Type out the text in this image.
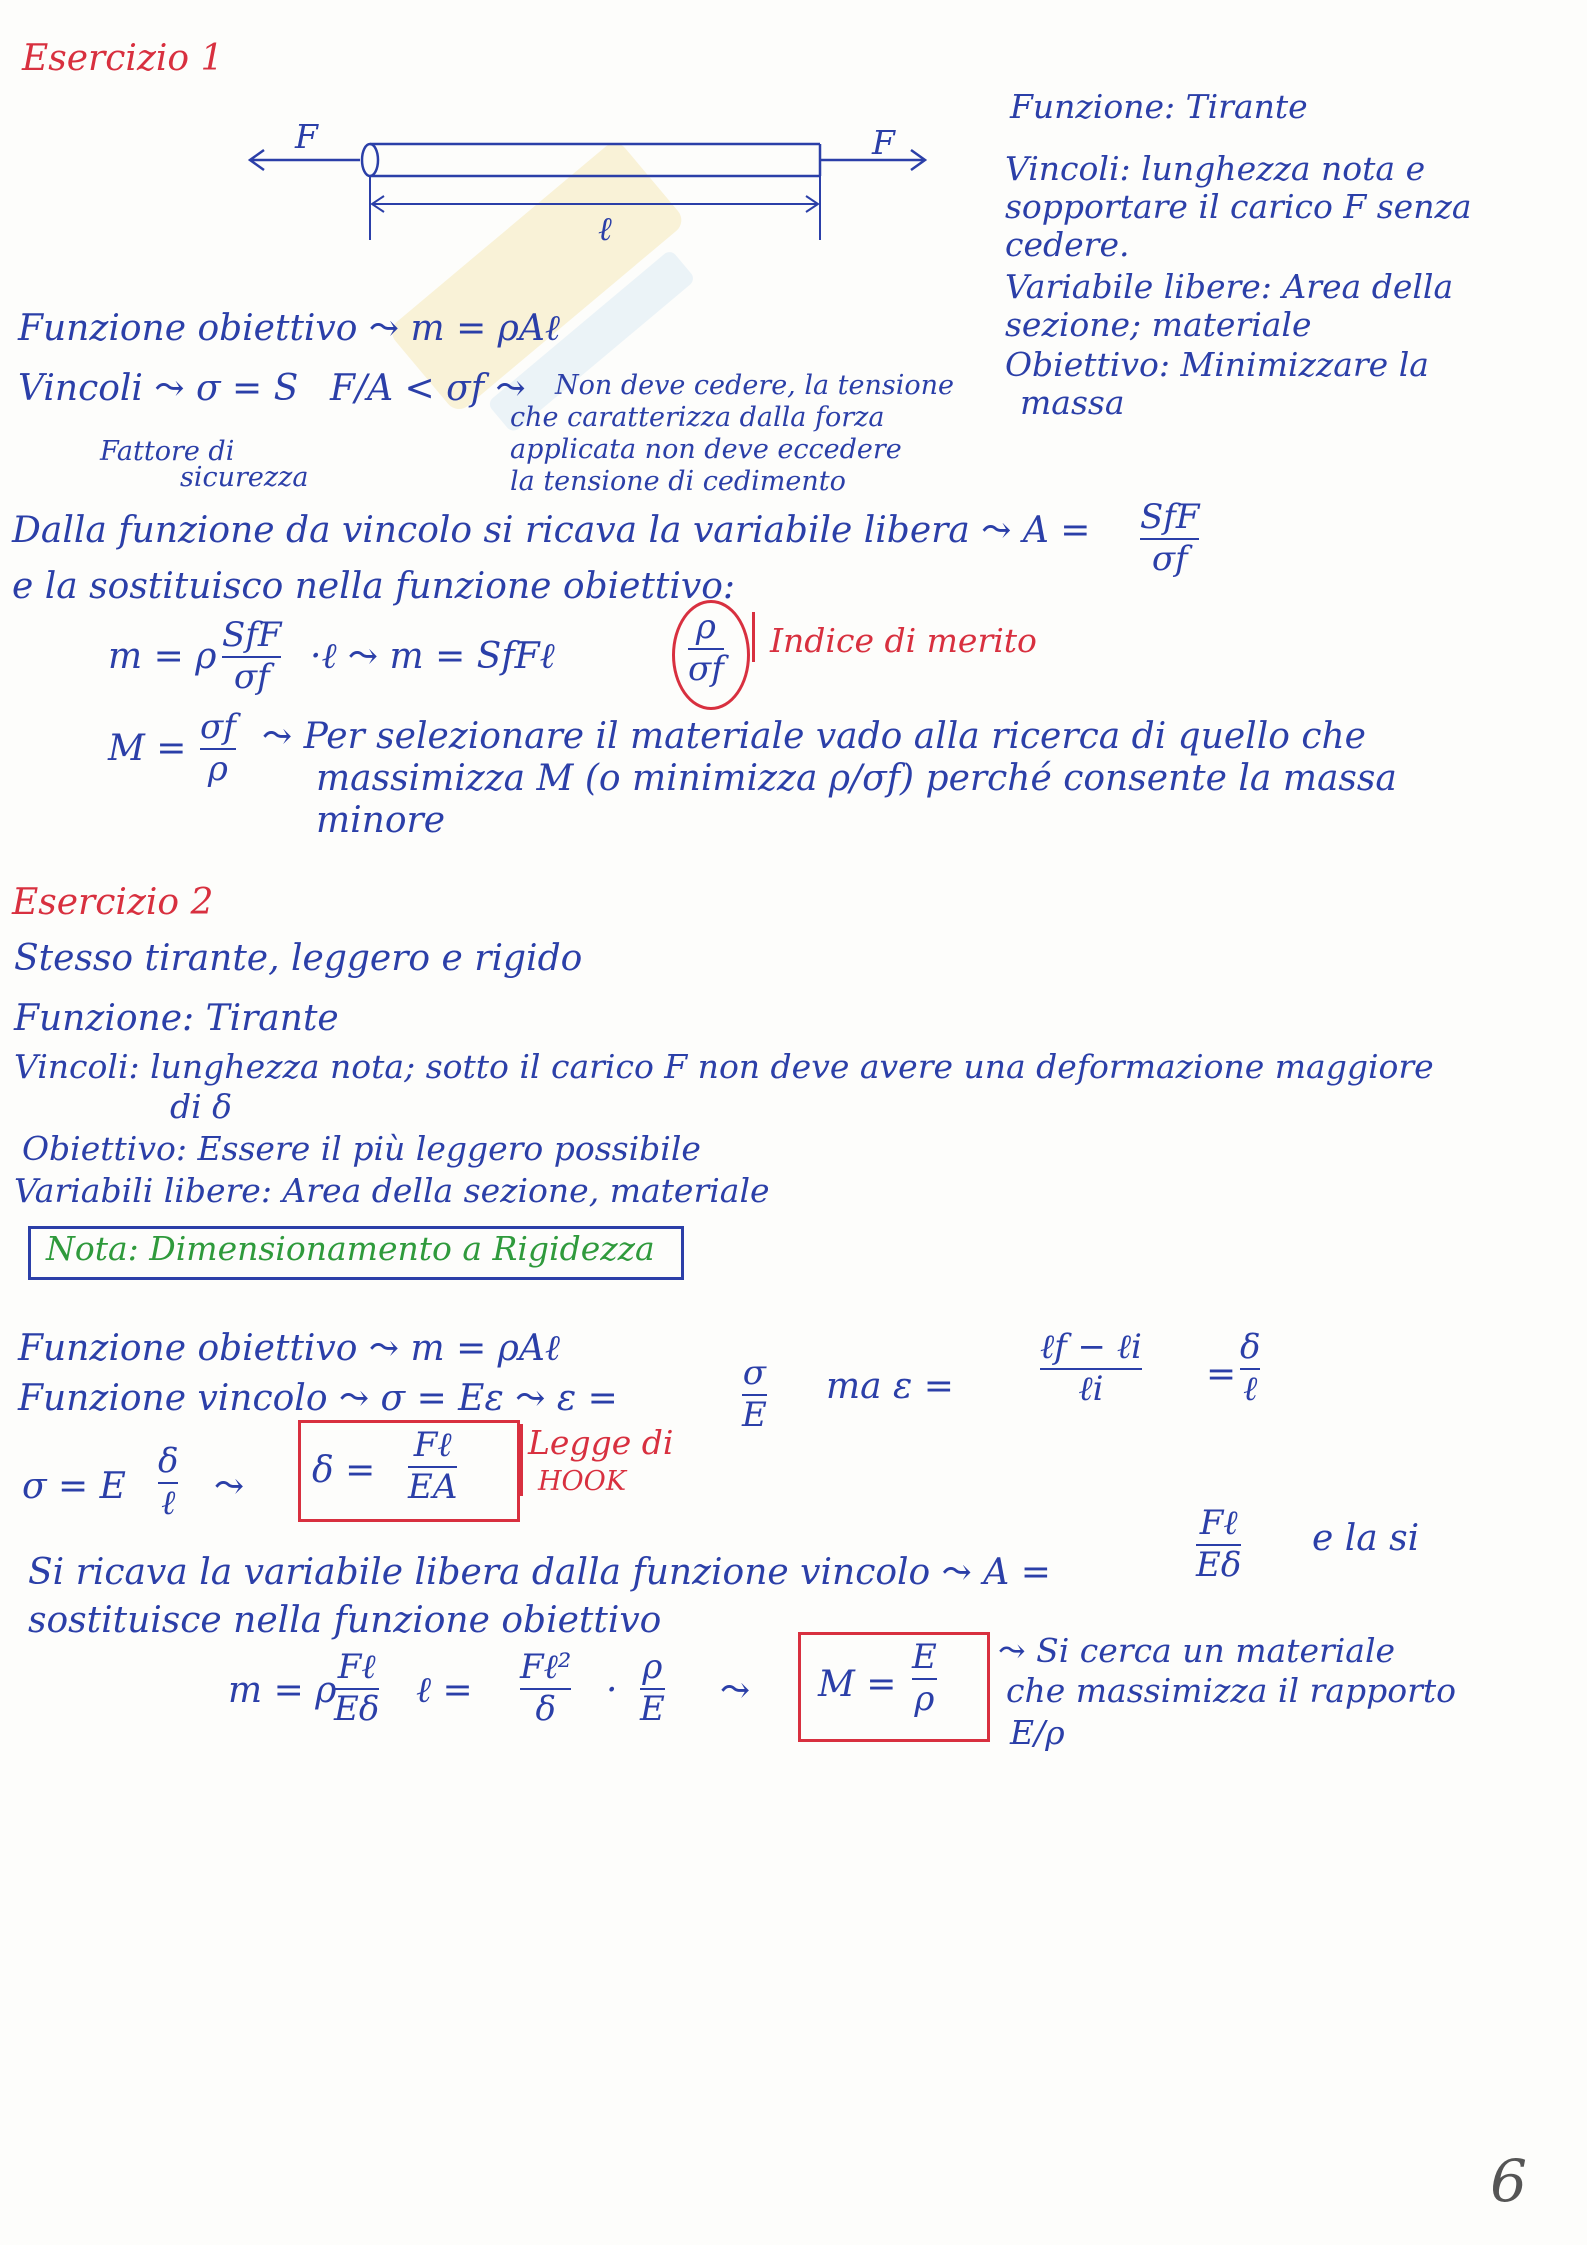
Esercizio 1
F	F
ℓ
Funzione: Tirante
Vincoli: lunghezza nota e
sopportare il carico F senza
cedere.
Variabile libere: Area della
sezione; materiale
Obiettivo: Minimizzare la
massa
Funzione obiettivo ⤳ m = ρAℓ
Vincoli ⤳ σ = S F/A < σf ⤳ Non deve cedere, la tensione
che caratterizza dalla forza
applicata non deve eccedere
la tensione di cedimento
Fattore di
sicurezza
Dalla funzione da vincolo si ricava la variabile libera ⤳ A = SfF
σf
e la sostituisco nella funzione obiettivo:
m = ρ
SfF
σf ·ℓ ⤳ m = SfFℓ
ρ
σf
Indice di merito
M =
σf
ρ
⤳ Per selezionare il materiale vado alla ricerca di quello che
massimizza M (o minimizza ρ/σf) perché consente la massa
minore
Esercizio 2
Stesso tirante, leggero e rigido
Funzione: Tirante
Vincoli: lunghezza nota; sotto il carico F non deve avere una deformazione maggiore
di δ
Obiettivo: Essere il più leggero possibile
Variabili libere: Area della sezione, materiale
Nota: Dimensionamento a Rigidezza
Funzione obiettivo ⤳ m = ρAℓ
Funzione vincolo ⤳ σ = Eε ⤳ ε =
σ
E
ma ε =
ℓf − ℓi
ℓi	=
δ
ℓ
σ = E
δ
ℓ ⤳ δ =
Fℓ
EA
Legge di
HOOK
Si ricava la variabile libera dalla funzione vincolo ⤳ A =
Fℓ
Eδ
e la si
sostituisce nella funzione obiettivo
m = ρ
Fℓ
Eδ ℓ =
Fℓ²
δ ·
ρ
E ⤳ M =
E
ρ
⤳ Si cerca un materiale
che massimizza il rapporto
E/ρ
6
